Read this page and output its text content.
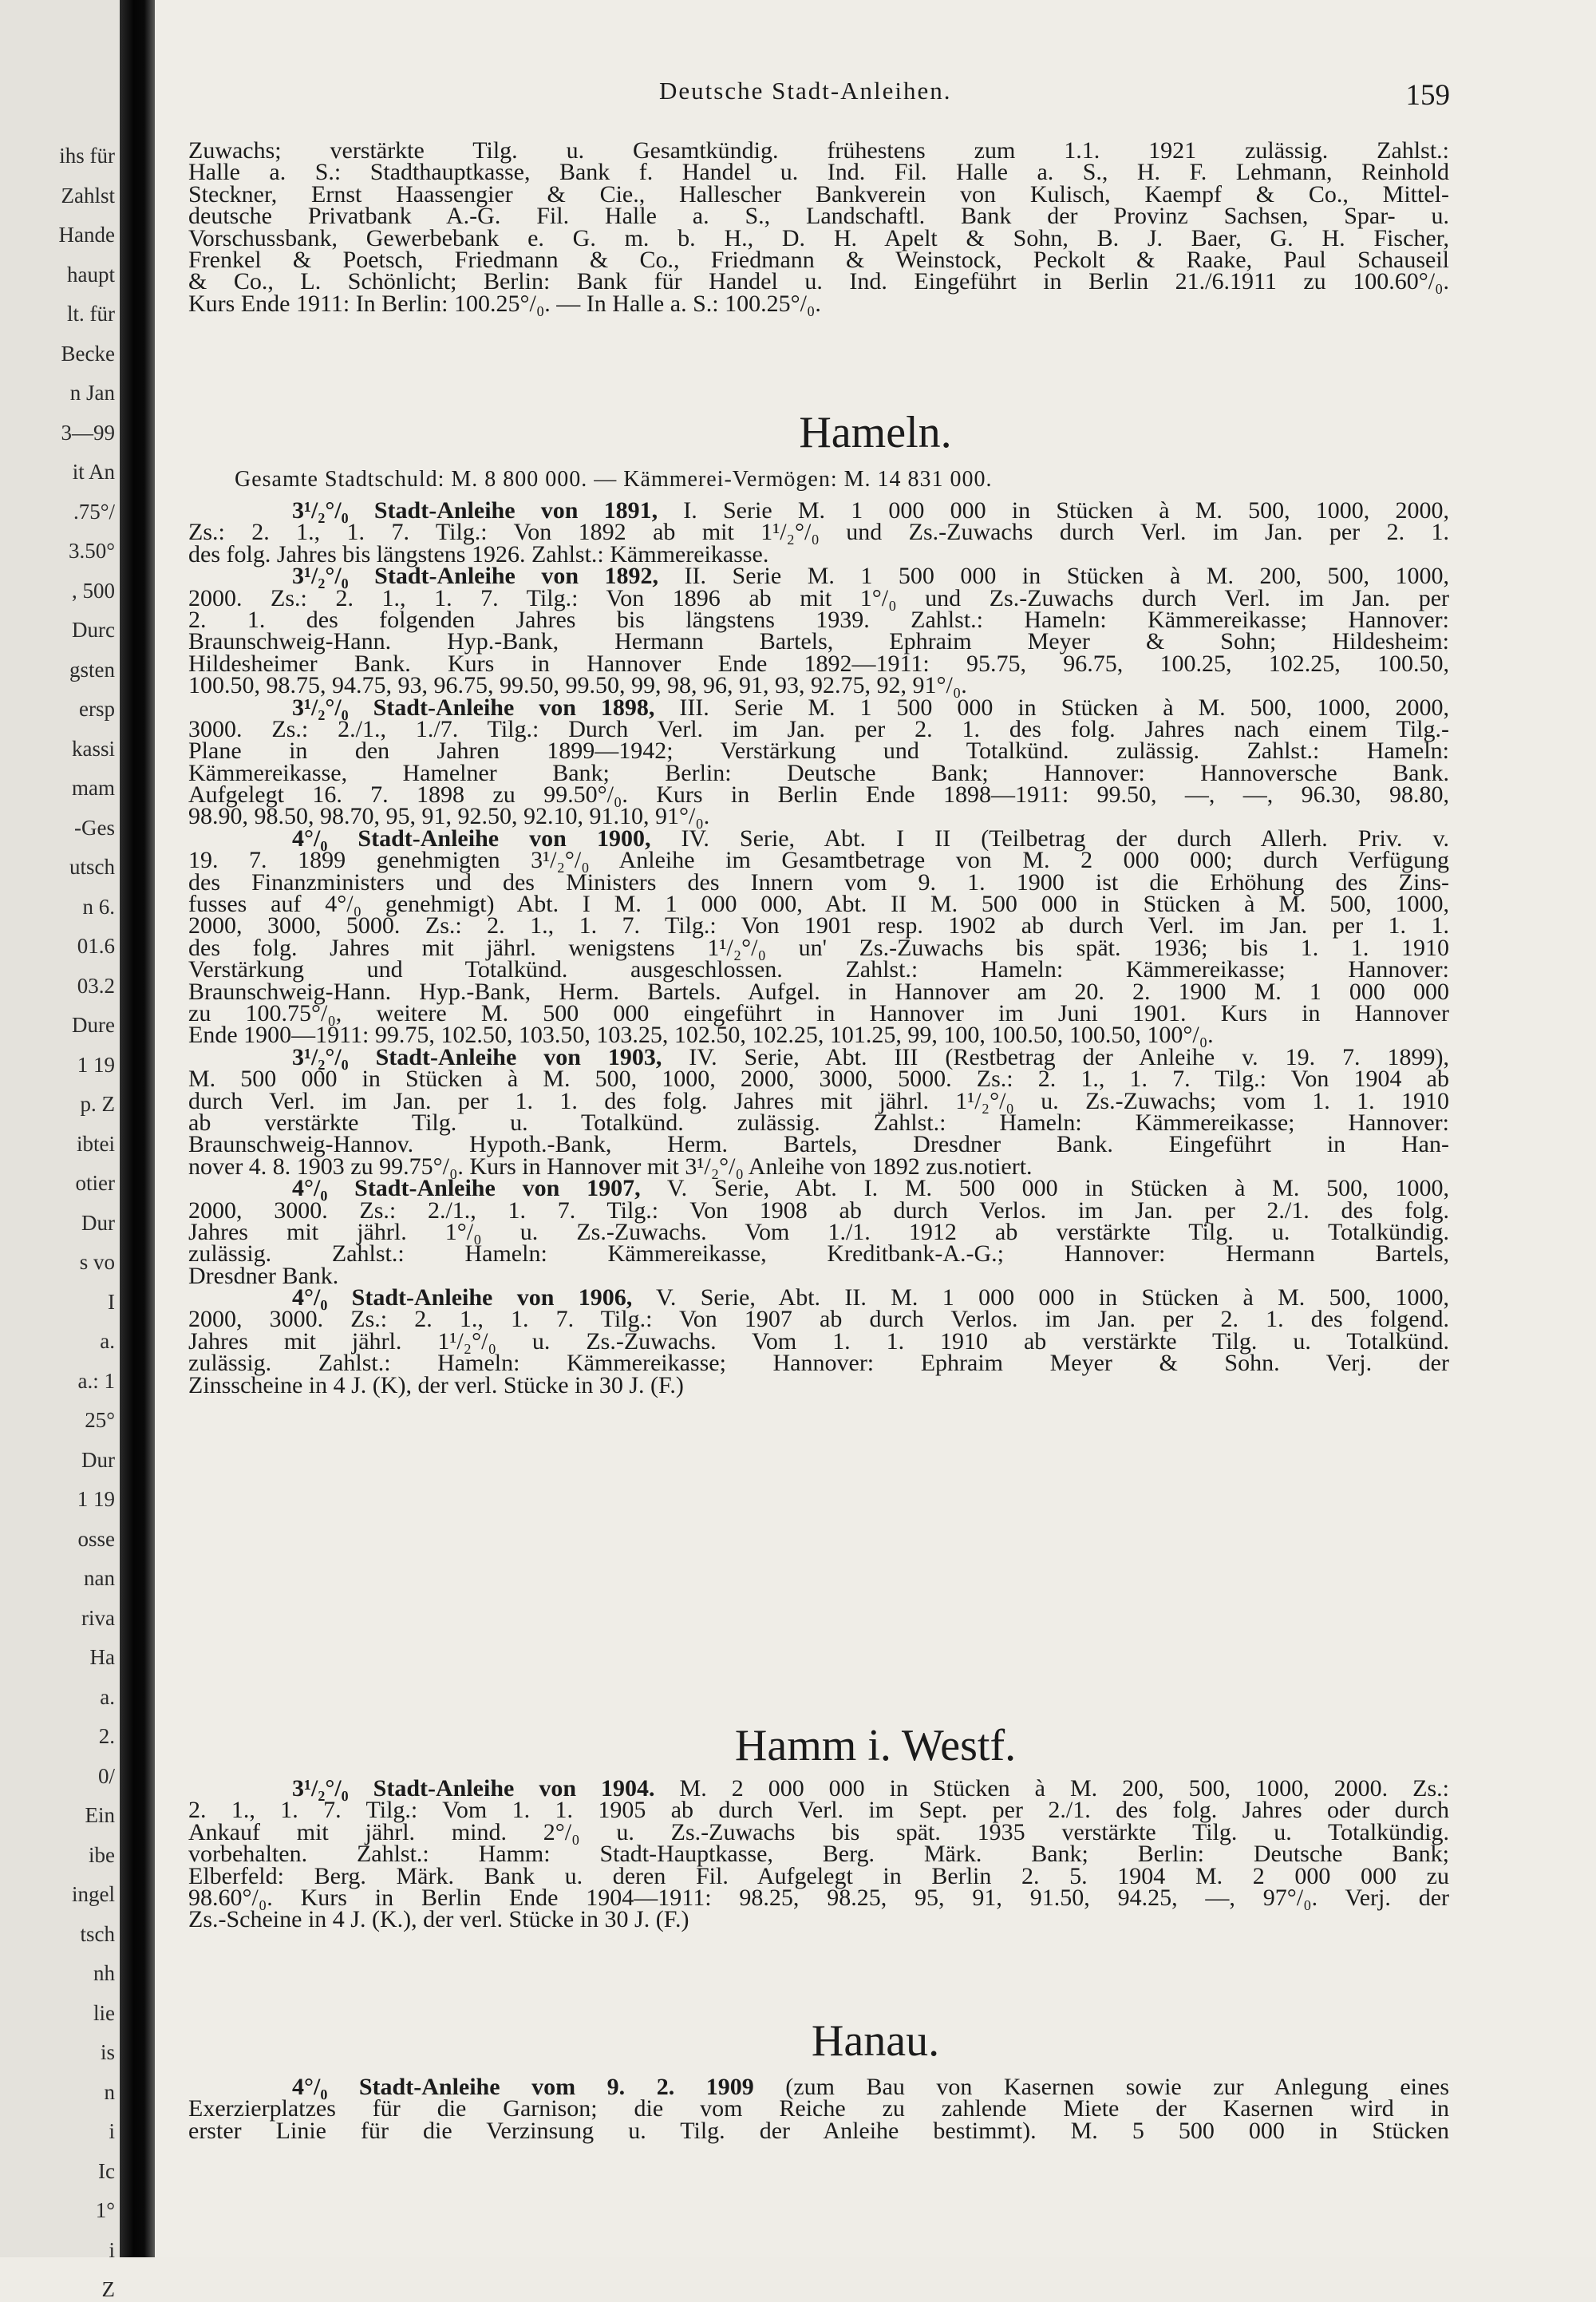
ihs für
Zahlst
Hande
haupt
lt. für
Becke
n Jan
3—99
it An
.75°/
3.50°
, 500
Durc
gsten
ersp
kassi
mam
-Ges
utsch
n 6.
01.6
03.2
Dure
1 19
p. Z
ibtei
otier
Dur
s vo
I
a.
a.: 1
25°
Dur
1 19
osse
nan
riva
Ha
a.
2.
0/
Ein
ibe
ingel
tsch
nh
lie
is
n
i
Ic
1°
i
Z
Deutsche Stadt-Anleihen.	159
Zuwachs; verstärkte Tilg. u. Gesamtkündig. frühestens zum 1.1. 1921 zulässig. Zahlst.:
Halle a. S.: Stadthauptkasse, Bank f. Handel u. Ind. Fil. Halle a. S., H. F. Lehmann, Reinhold
Steckner, Ernst Haassengier & Cie., Hallescher Bankverein von Kulisch, Kaempf & Co., Mittel-
deutsche Privatbank A.-G. Fil. Halle a. S., Landschaftl. Bank der Provinz Sachsen, Spar- u.
Vorschussbank, Gewerbebank e. G. m. b. H., D. H. Apelt & Sohn, B. J. Baer, G. H. Fischer,
Frenkel & Poetsch, Friedmann & Co., Friedmann & Weinstock, Peckolt & Raake, Paul Schauseil
& Co., L. Schönlicht; Berlin: Bank für Handel u. Ind. Eingeführt in Berlin 21./6.1911 zu 100.60°/₀.
Kurs Ende 1911: In Berlin: 100.25°/₀. — In Halle a. S.: 100.25°/₀.
Hameln.
Gesamte Stadtschuld: M. 8 800 000. — Kämmerei-Vermögen: M. 14 831 000.
3¹/₂°/₀ Stadt-Anleihe von 1891, I. Serie M. 1 000 000 in Stücken à M. 500, 1000, 2000,
Zs.: 2. 1., 1. 7. Tilg.: Von 1892 ab mit 1¹/₂°/₀ und Zs.-Zuwachs durch Verl. im Jan. per 2. 1.
des folg. Jahres bis längstens 1926. Zahlst.: Kämmereikasse.
3¹/₂°/₀ Stadt-Anleihe von 1892, II. Serie M. 1 500 000 in Stücken à M. 200, 500, 1000,
2000. Zs.: 2. 1., 1. 7. Tilg.: Von 1896 ab mit 1°/₀ und Zs.-Zuwachs durch Verl. im Jan. per
2. 1. des folgenden Jahres bis längstens 1939. Zahlst.: Hameln: Kämmereikasse; Hannover:
Braunschweig-Hann. Hyp.-Bank, Hermann Bartels, Ephraim Meyer & Sohn; Hildesheim:
Hildesheimer Bank. Kurs in Hannover Ende 1892—1911: 95.75, 96.75, 100.25, 102.25, 100.50,
100.50, 98.75, 94.75, 93, 96.75, 99.50, 99.50, 99, 98, 96, 91, 93, 92.75, 92, 91°/₀.
3¹/₂°/₀ Stadt-Anleihe von 1898, III. Serie M. 1 500 000 in Stücken à M. 500, 1000, 2000,
3000. Zs.: 2./1., 1./7. Tilg.: Durch Verl. im Jan. per 2. 1. des folg. Jahres nach einem Tilg.-
Plane in den Jahren 1899—1942; Verstärkung und Totalkünd. zulässig. Zahlst.: Hameln:
Kämmereikasse, Hamelner Bank; Berlin: Deutsche Bank; Hannover: Hannoversche Bank.
Aufgelegt 16. 7. 1898 zu 99.50°/₀. Kurs in Berlin Ende 1898—1911: 99.50, —, —, 96.30, 98.80,
98.90, 98.50, 98.70, 95, 91, 92.50, 92.10, 91.10, 91°/₀.
4°/₀ Stadt-Anleihe von 1900, IV. Serie, Abt. I II (Teilbetrag der durch Allerh. Priv. v.
19. 7. 1899 genehmigten 3¹/₂°/₀ Anleihe im Gesamtbetrage von M. 2 000 000; durch Verfügung
des Finanzministers und des Ministers des Innern vom 9. 1. 1900 ist die Erhöhung des Zins-
fusses auf 4°/₀ genehmigt) Abt. I M. 1 000 000, Abt. II M. 500 000 in Stücken à M. 500, 1000,
2000, 3000, 5000. Zs.: 2. 1., 1. 7. Tilg.: Von 1901 resp. 1902 ab durch Verl. im Jan. per 1. 1.
des folg. Jahres mit jährl. wenigstens 1¹/₂°/₀ un' Zs.-Zuwachs bis spät. 1936; bis 1. 1. 1910
Verstärkung und Totalkünd. ausgeschlossen. Zahlst.: Hameln: Kämmereikasse; Hannover:
Braunschweig-Hann. Hyp.-Bank, Herm. Bartels. Aufgel. in Hannover am 20. 2. 1900 M. 1 000 000
zu 100.75°/₀, weitere M. 500 000 eingeführt in Hannover im Juni 1901. Kurs in Hannover
Ende 1900—1911: 99.75, 102.50, 103.50, 103.25, 102.50, 102.25, 101.25, 99, 100, 100.50, 100.50, 100°/₀.
3¹/₂°/₀ Stadt-Anleihe von 1903, IV. Serie, Abt. III (Restbetrag der Anleihe v. 19. 7. 1899),
M. 500 000 in Stücken à M. 500, 1000, 2000, 3000, 5000. Zs.: 2. 1., 1. 7. Tilg.: Von 1904 ab
durch Verl. im Jan. per 1. 1. des folg. Jahres mit jährl. 1¹/₂°/₀ u. Zs.-Zuwachs; vom 1. 1. 1910
ab verstärkte Tilg. u. Totalkünd. zulässig. Zahlst.: Hameln: Kämmereikasse; Hannover:
Braunschweig-Hannov. Hypoth.-Bank, Herm. Bartels, Dresdner Bank. Eingeführt in Han-
nover 4. 8. 1903 zu 99.75°/₀. Kurs in Hannover mit 3¹/₂°/₀ Anleihe von 1892 zus.notiert.
4°/₀ Stadt-Anleihe von 1907, V. Serie, Abt. I. M. 500 000 in Stücken à M. 500, 1000,
2000, 3000. Zs.: 2./1., 1. 7. Tilg.: Von 1908 ab durch Verlos. im Jan. per 2./1. des folg.
Jahres mit jährl. 1°/₀ u. Zs.-Zuwachs. Vom 1./1. 1912 ab verstärkte Tilg. u. Totalkündig.
zulässig. Zahlst.: Hameln: Kämmereikasse, Kreditbank-A.-G.; Hannover: Hermann Bartels,
Dresdner Bank.
4°/₀ Stadt-Anleihe von 1906, V. Serie, Abt. II. M. 1 000 000 in Stücken à M. 500, 1000,
2000, 3000. Zs.: 2. 1., 1. 7. Tilg.: Von 1907 ab durch Verlos. im Jan. per 2. 1. des folgend.
Jahres mit jährl. 1¹/₂°/₀ u. Zs.-Zuwachs. Vom 1. 1. 1910 ab verstärkte Tilg. u. Totalkünd.
zulässig. Zahlst.: Hameln: Kämmereikasse; Hannover: Ephraim Meyer & Sohn. Verj. der
Zinsscheine in 4 J. (K), der verl. Stücke in 30 J. (F.)
Hamm i. Westf.
3¹/₂°/₀ Stadt-Anleihe von 1904. M. 2 000 000 in Stücken à M. 200, 500, 1000, 2000. Zs.:
2. 1., 1. 7. Tilg.: Vom 1. 1. 1905 ab durch Verl. im Sept. per 2./1. des folg. Jahres oder durch
Ankauf mit jährl. mind. 2°/₀ u. Zs.-Zuwachs bis spät. 1935 verstärkte Tilg. u. Totalkündig.
vorbehalten. Zahlst.: Hamm: Stadt-Hauptkasse, Berg. Märk. Bank; Berlin: Deutsche Bank;
Elberfeld: Berg. Märk. Bank u. deren Fil. Aufgelegt in Berlin 2. 5. 1904 M. 2 000 000 zu
98.60°/₀. Kurs in Berlin Ende 1904—1911: 98.25, 98.25, 95, 91, 91.50, 94.25, —, 97°/₀. Verj. der
Zs.-Scheine in 4 J. (K.), der verl. Stücke in 30 J. (F.)
Hanau.
4°/₀ Stadt-Anleihe vom 9. 2. 1909 (zum Bau von Kasernen sowie zur Anlegung eines
Exerzierplatzes für die Garnison; die vom Reiche zu zahlende Miete der Kasernen wird in
erster Linie für die Verzinsung u. Tilg. der Anleihe bestimmt). M. 5 500 000 in Stücken
